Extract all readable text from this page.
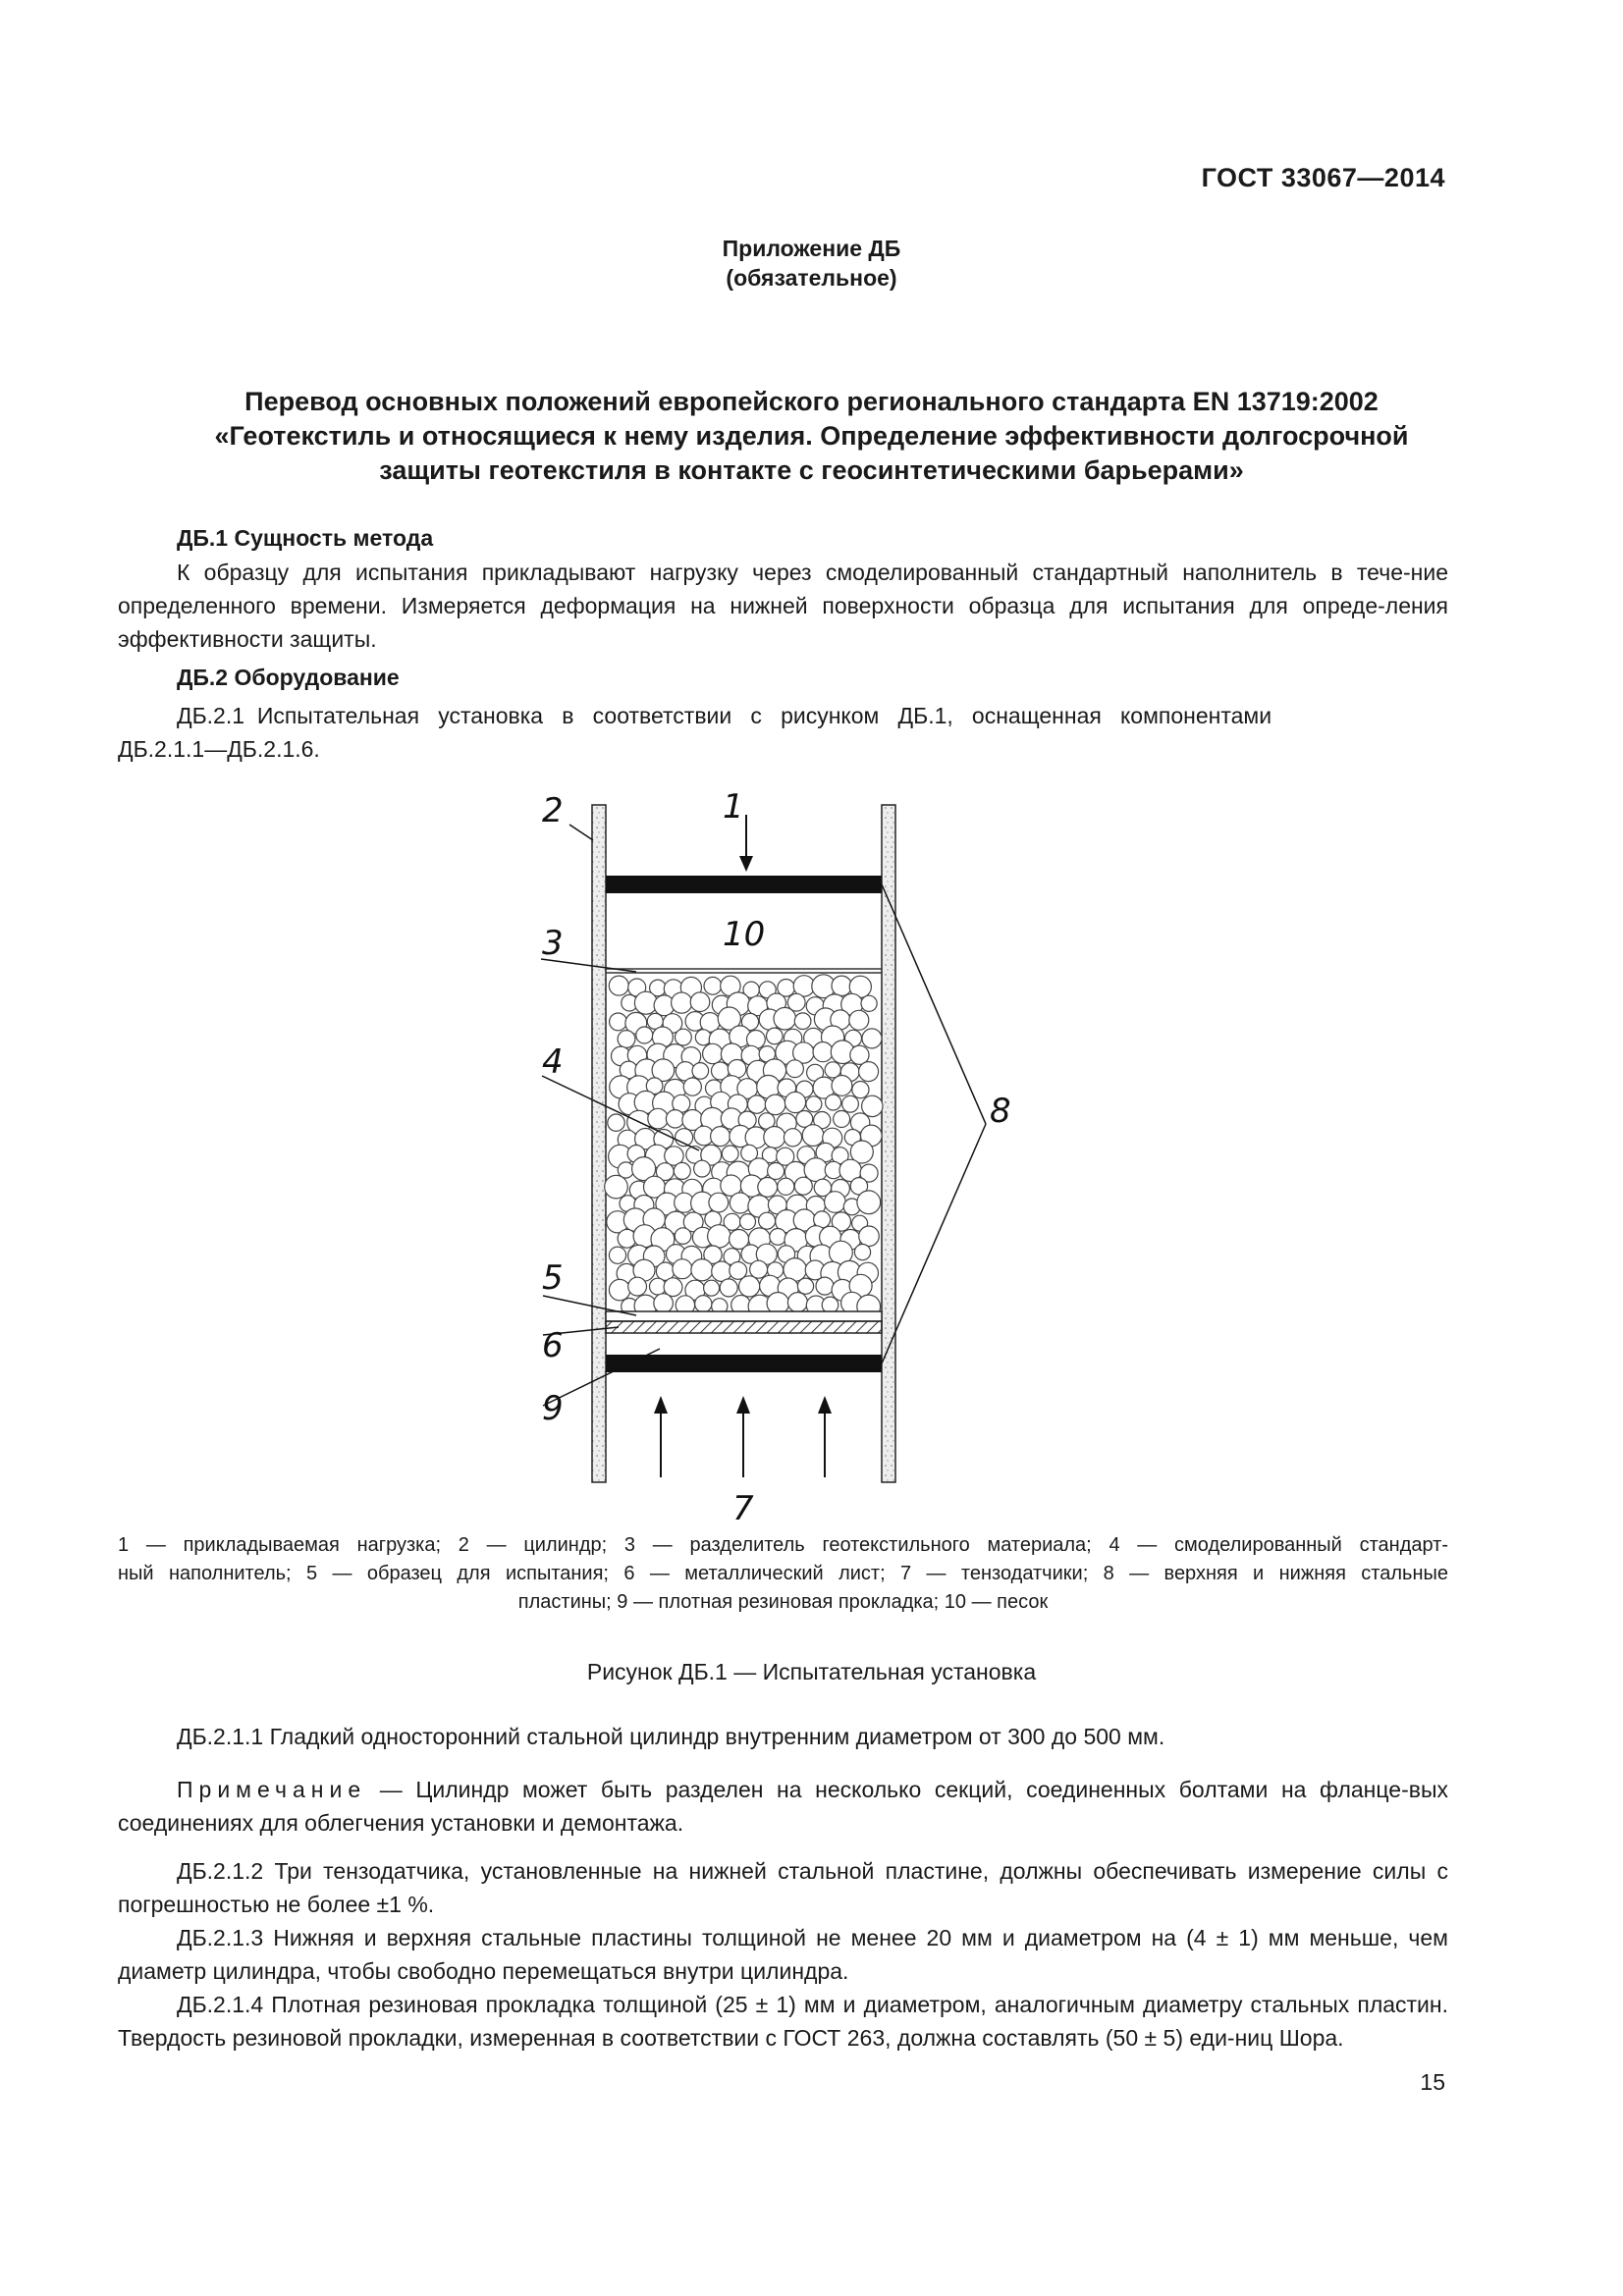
ГОСТ 33067—2014
Приложение ДБ
(обязательное)
Перевод основных положений европейского регионального стандарта EN 13719:2002
«Геотекстиль и относящиеся к нему изделия. Определение эффективности долгосрочной
защиты геотекстиля в контакте с геосинтетическими барьерами»
ДБ.1 Сущность метода
К образцу для испытания прикладывают нагрузку через смоделированный стандартный наполнитель в тече-ние определенного времени. Измеряется деформация на нижней поверхности образца для испытания для опреде-ления эффективности защиты.
ДБ.2 Оборудование
ДБ.2.1  Испытательная   установка   в   соответствии   с   рисунком   ДБ.1,   оснащенная   компонентами
ДБ.2.1.1—ДБ.2.1.6.
1
2
3
4
5
6
7
8
9
10
1 — прикладываемая нагрузка; 2 — цилиндр; 3 — разделитель геотекстильного материала; 4 — смоделированный стандарт-
ный наполнитель; 5 — образец для испытания; 6 — металлический лист; 7 — тензодатчики; 8 — верхняя и нижняя стальные
пластины; 9 — плотная резиновая прокладка; 10 — песок
Рисунок ДБ.1 — Испытательная установка
ДБ.2.1.1 Гладкий односторонний стальной цилиндр внутренним диаметром от 300 до 500 мм.
Примечание — Цилиндр может быть разделен на несколько секций, соединенных болтами на фланце-вых соединениях для облегчения установки и демонтажа.
ДБ.2.1.2 Три тензодатчика, установленные на нижней стальной пластине, должны обеспечивать измерение силы с погрешностью не более ±1 %.
ДБ.2.1.3 Нижняя и верхняя стальные пластины толщиной не менее 20 мм и диаметром на (4 ± 1) мм меньше, чем диаметр цилиндра, чтобы свободно перемещаться внутри цилиндра.
ДБ.2.1.4 Плотная резиновая прокладка толщиной (25 ± 1) мм и диаметром, аналогичным диаметру стальных пластин. Твердость резиновой прокладки, измеренная в соответствии с ГОСТ 263, должна составлять (50 ± 5) еди-ниц Шора.
15
